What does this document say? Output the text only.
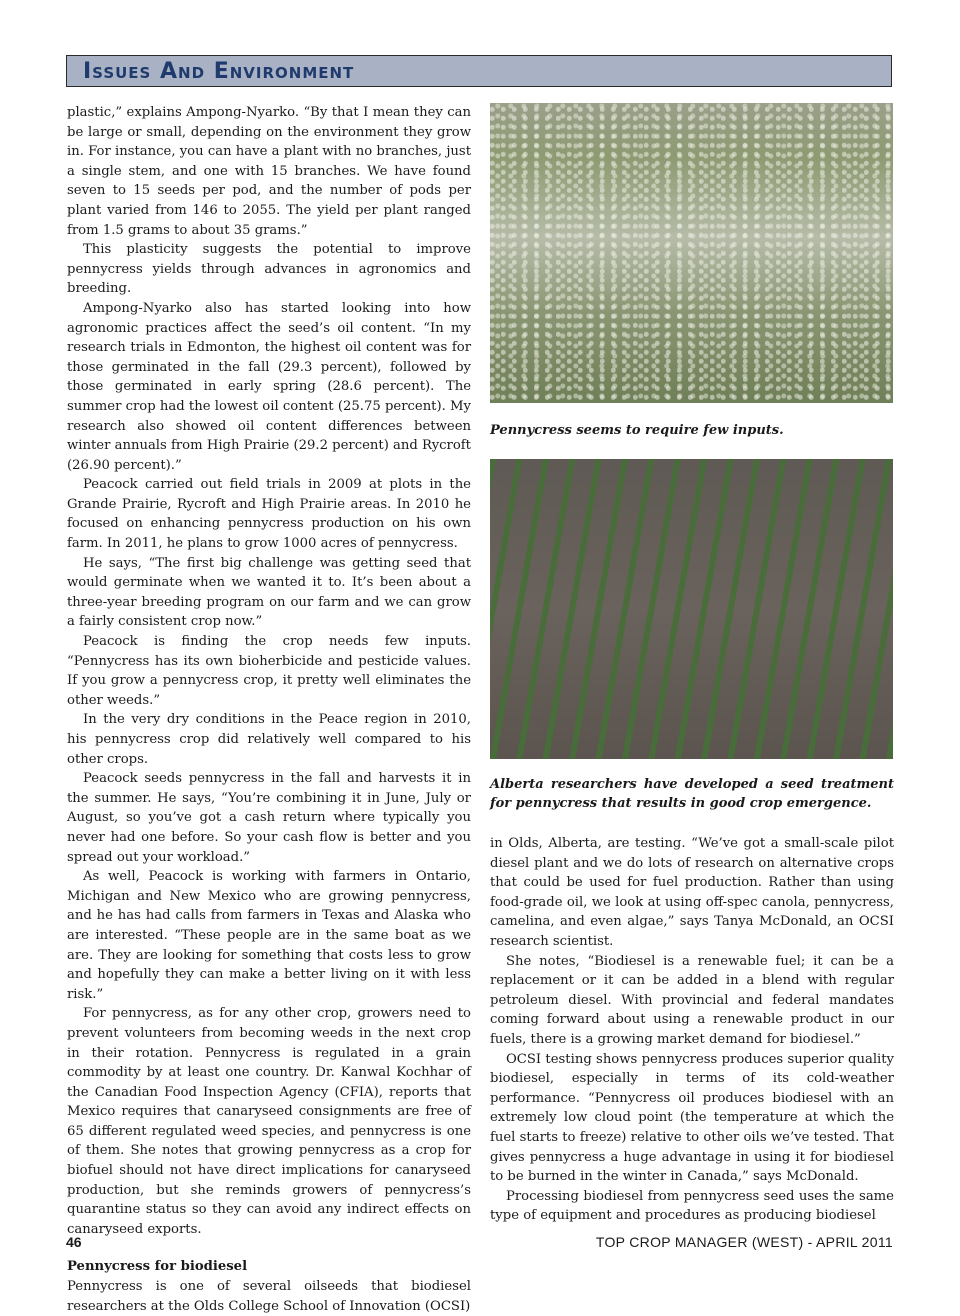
Issues And Environment

plastic,” explains Ampong-Nyarko. “By that I mean they can be large or small, depending on the environment they grow in. For instance, you can have a plant with no branches, just a single stem, and one with 15 branches. We have found seven to 15 seeds per pod, and the number of pods per plant varied from 146 to 2055. The yield per plant ranged from 1.5 grams to about 35 grams.”

This plasticity suggests the potential to improve pennycress yields through advances in agronomics and breeding.

Ampong-Nyarko also has started looking into how agronomic practices affect the seed’s oil content. “In my research trials in Edmonton, the highest oil content was for those germinated in the fall (29.3 percent), followed by those germinated in early spring (28.6 percent). The summer crop had the lowest oil content (25.75 percent). My research also showed oil content differences between winter annuals from High Prairie (29.2 percent) and Rycroft (26.90 percent).”

Peacock carried out field trials in 2009 at plots in the Grande Prairie, Rycroft and High Prairie areas. In 2010 he focused on enhancing pennycress production on his own farm. In 2011, he plans to grow 1000 acres of pennycress.

He says, “The first big challenge was getting seed that would germinate when we wanted it to. It’s been about a three-year breeding program on our farm and we can grow a fairly consistent crop now.”

Peacock is finding the crop needs few inputs. “Pennycress has its own bioherbicide and pesticide values. If you grow a pennycress crop, it pretty well eliminates the other weeds.”

In the very dry conditions in the Peace region in 2010, his pennycress crop did relatively well compared to his other crops.

Peacock seeds pennycress in the fall and harvests it in the summer. He says, “You’re combining it in June, July or August, so you’ve got a cash return where typically you never had one before. So your cash flow is better and you spread out your workload.”

As well, Peacock is working with farmers in Ontario, Michigan and New Mexico who are growing pennycress, and he has had calls from farmers in Texas and Alaska who are interested. “These people are in the same boat as we are. They are looking for something that costs less to grow and hopefully they can make a better living on it with less risk.”

For pennycress, as for any other crop, growers need to prevent volunteers from becoming weeds in the next crop in their rotation. Pennycress is regulated in a grain commodity by at least one country. Dr. Kanwal Kochhar of the Canadian Food Inspection Agency (CFIA), reports that Mexico requires that canaryseed consignments are free of 65 different regulated weed species, and pennycress is one of them. She notes that growing pennycress as a crop for biofuel should not have direct implications for canaryseed production, but she reminds growers of pennycress’s quarantine status so they can avoid any indirect effects on canaryseed exports.

Pennycress for biodiesel

Pennycress is one of several oilseeds that biodiesel researchers at the Olds College School of Innovation (OCSI)

Pennycress seems to require few inputs.
Alberta researchers have developed a seed treatment for pennycress that results in good crop emergence.

in Olds, Alberta, are testing. “We’ve got a small-scale pilot diesel plant and we do lots of research on alternative crops that could be used for fuel production. Rather than using food-grade oil, we look at using off-spec canola, pennycress, camelina, and even algae,” says Tanya McDonald, an OCSI research scientist.

She notes, “Biodiesel is a renewable fuel; it can be a replacement or it can be added in a blend with regular petroleum diesel. With provincial and federal mandates coming forward about using a renewable product in our fuels, there is a growing market demand for biodiesel.”

OCSI testing shows pennycress produces superior quality biodiesel, especially in terms of its cold-weather performance. “Pennycress oil produces biodiesel with an extremely low cloud point (the temperature at which the fuel starts to freeze) relative to other oils we’ve tested. That gives pennycress a huge advantage in using it for biodiesel to be burned in the winter in Canada,” says McDonald.

Processing biodiesel from pennycress seed uses the same type of equipment and procedures as producing biodiesel

46	TOP CROP MANAGER (WEST) - APRIL 2011
